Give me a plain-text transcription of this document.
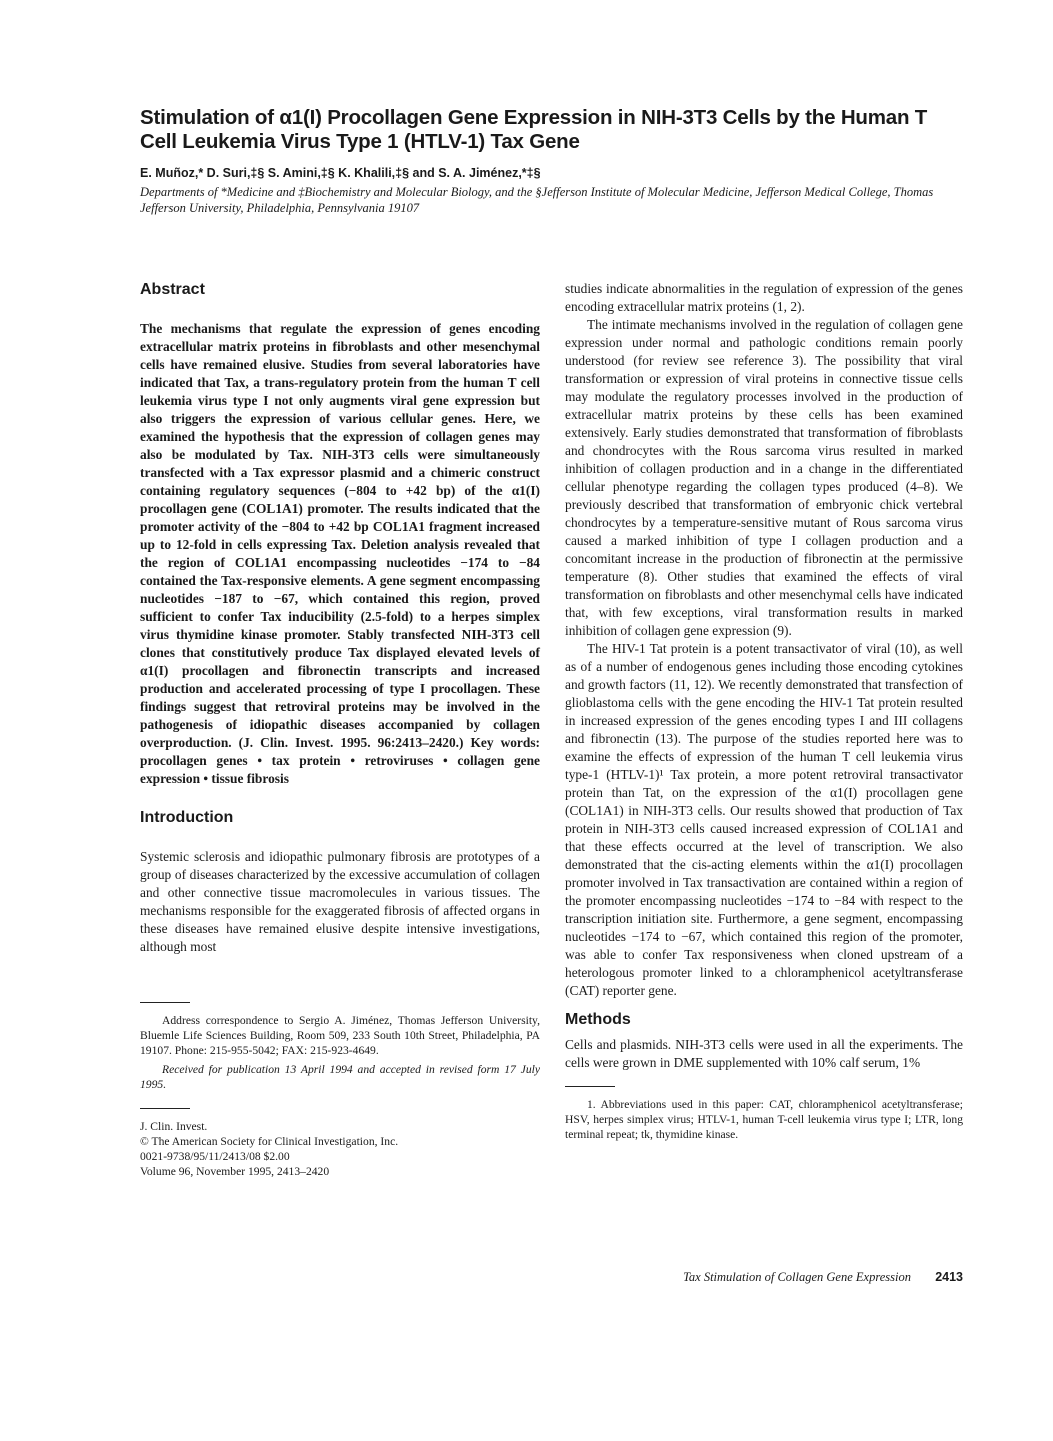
Stimulation of α1(I) Procollagen Gene Expression in NIH-3T3 Cells by the Human T Cell Leukemia Virus Type 1 (HTLV-1) Tax Gene
E. Muñoz,* D. Suri,‡§ S. Amini,‡§ K. Khalili,‡§ and S. A. Jiménez,*‡§
Departments of *Medicine and ‡Biochemistry and Molecular Biology, and the §Jefferson Institute of Molecular Medicine, Jefferson Medical College, Thomas Jefferson University, Philadelphia, Pennsylvania 19107
Abstract

The mechanisms that regulate the expression of genes encoding extracellular matrix proteins in fibroblasts and other mesenchymal cells have remained elusive. Studies from several laboratories have indicated that Tax, a trans-regulatory protein from the human T cell leukemia virus type I not only augments viral gene expression but also triggers the expression of various cellular genes. Here, we examined the hypothesis that the expression of collagen genes may also be modulated by Tax. NIH-3T3 cells were simultaneously transfected with a Tax expressor plasmid and a chimeric construct containing regulatory sequences (−804 to +42 bp) of the α1(I) procollagen gene (COL1A1) promoter. The results indicated that the promoter activity of the −804 to +42 bp COL1A1 fragment increased up to 12-fold in cells expressing Tax. Deletion analysis revealed that the region of COL1A1 encompassing nucleotides −174 to −84 contained the Tax-responsive elements. A gene segment encompassing nucleotides −187 to −67, which contained this region, proved sufficient to confer Tax inducibility (2.5-fold) to a herpes simplex virus thymidine kinase promoter. Stably transfected NIH-3T3 cell clones that constitutively produce Tax displayed elevated levels of α1(I) procollagen and fibronectin transcripts and increased production and accelerated processing of type I procollagen. These findings suggest that retroviral proteins may be involved in the pathogenesis of idiopathic diseases accompanied by collagen overproduction. (J. Clin. Invest. 1995. 96:2413–2420.) Key words: procollagen genes • tax protein • retroviruses • collagen gene expression • tissue fibrosis

Introduction

Systemic sclerosis and idiopathic pulmonary fibrosis are prototypes of a group of diseases characterized by the excessive accumulation of collagen and other connective tissue macromolecules in various tissues. The mechanisms responsible for the exaggerated fibrosis of affected organs in these diseases have remained elusive despite intensive investigations, although most

Address correspondence to Sergio A. Jiménez, Thomas Jefferson University, Bluemle Life Sciences Building, Room 509, 233 South 10th Street, Philadelphia, PA 19107. Phone: 215-955-5042; FAX: 215-923-4649.

Received for publication 13 April 1994 and accepted in revised form 17 July 1995.

J. Clin. Invest.
© The American Society for Clinical Investigation, Inc.
0021-9738/95/11/2413/08 $2.00
Volume 96, November 1995, 2413–2420

studies indicate abnormalities in the regulation of expression of the genes encoding extracellular matrix proteins (1, 2).

The intimate mechanisms involved in the regulation of collagen gene expression under normal and pathologic conditions remain poorly understood (for review see reference 3). The possibility that viral transformation or expression of viral proteins in connective tissue cells may modulate the regulatory processes involved in the production of extracellular matrix proteins by these cells has been examined extensively. Early studies demonstrated that transformation of fibroblasts and chondrocytes with the Rous sarcoma virus resulted in marked inhibition of collagen production and in a change in the differentiated cellular phenotype regarding the collagen types produced (4–8). We previously described that transformation of embryonic chick vertebral chondrocytes by a temperature-sensitive mutant of Rous sarcoma virus caused a marked inhibition of type I collagen production and a concomitant increase in the production of fibronectin at the permissive temperature (8). Other studies that examined the effects of viral transformation on fibroblasts and other mesenchymal cells have indicated that, with few exceptions, viral transformation results in marked inhibition of collagen gene expression (9).

The HIV-1 Tat protein is a potent transactivator of viral (10), as well as of a number of endogenous genes including those encoding cytokines and growth factors (11, 12). We recently demonstrated that transfection of glioblastoma cells with the gene encoding the HIV-1 Tat protein resulted in increased expression of the genes encoding types I and III collagens and fibronectin (13). The purpose of the studies reported here was to examine the effects of expression of the human T cell leukemia virus type-1 (HTLV-1)¹ Tax protein, a more potent retroviral transactivator protein than Tat, on the expression of the α1(I) procollagen gene (COL1A1) in NIH-3T3 cells. Our results showed that production of Tax protein in NIH-3T3 cells caused increased expression of COL1A1 and that these effects occurred at the level of transcription. We also demonstrated that the cis-acting elements within the α1(I) procollagen promoter involved in Tax transactivation are contained within a region of the promoter encompassing nucleotides −174 to −84 with respect to the transcription initiation site. Furthermore, a gene segment, encompassing nucleotides −174 to −67, which contained this region of the promoter, was able to confer Tax responsiveness when cloned upstream of a heterologous promoter linked to a chloramphenicol acetyltransferase (CAT) reporter gene.

Methods

Cells and plasmids. NIH-3T3 cells were used in all the experiments. The cells were grown in DME supplemented with 10% calf serum, 1%

1. Abbreviations used in this paper: CAT, chloramphenicol acetyltransferase; HSV, herpes simplex virus; HTLV-1, human T-cell leukemia virus type I; LTR, long terminal repeat; tk, thymidine kinase.

Tax Stimulation of Collagen Gene Expression 2413
